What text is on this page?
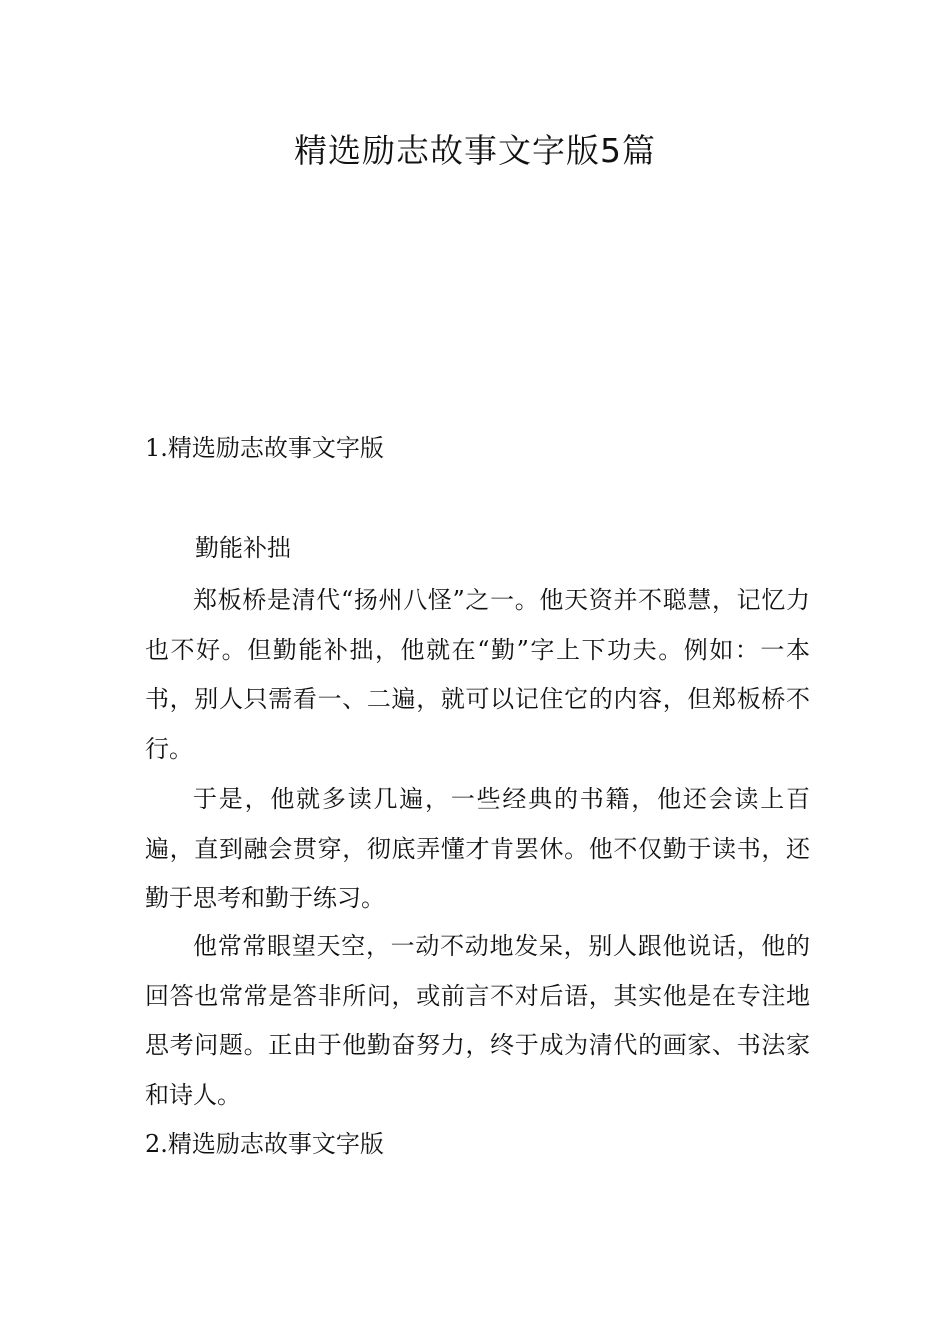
精选励志故事文字版5篇
1.精选励志故事文字版

勤能补拙

郑板桥是清代“扬州八怪”之一。他天资并不聪慧，记忆力也不好。但勤能补拙，他就在“勤”字上下功夫。例如：一本书，别人只需看一、二遍，就可以记住它的内容，但郑板桥不行。

于是，他就多读几遍，一些经典的书籍，他还会读上百遍，直到融会贯穿，彻底弄懂才肯罢休。他不仅勤于读书，还勤于思考和勤于练习。

他常常眼望天空，一动不动地发呆，别人跟他说话，他的回答也常常是答非所问，或前言不对后语，其实他是在专注地思考问题。正由于他勤奋努力，终于成为清代的画家、书法家和诗人。

2.精选励志故事文字版
